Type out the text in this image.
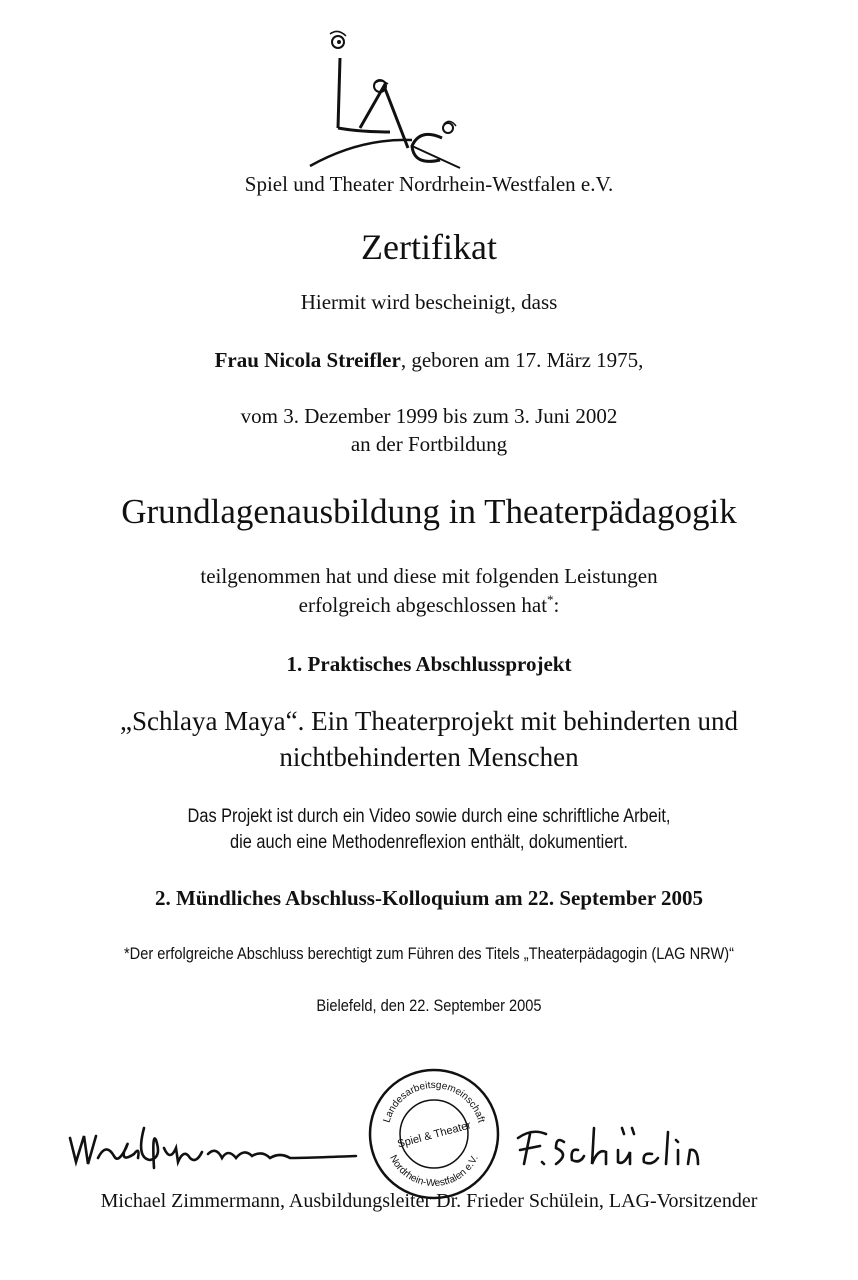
Spiel und Theater Nordrhein-Westfalen e.V.
Zertifikat
Hiermit wird bescheinigt, dass
Frau Nicola Streifler, geboren am 17. März 1975,
vom 3. Dezember 1999 bis zum 3. Juni 2002
an der Fortbildung
Grundlagenausbildung in Theaterpädagogik
teilgenommen hat und diese mit folgenden Leistungen
erfolgreich abgeschlossen hat*:
1. Praktisches Abschlussprojekt
„Schlaya Maya“. Ein Theaterprojekt mit behinderten und
nichtbehinderten Menschen
Das Projekt ist durch ein Video sowie durch eine schriftliche Arbeit,
die auch eine Methodenreflexion enthält, dokumentiert.
2. Mündliches Abschluss-Kolloquium am 22. September 2005
*Der erfolgreiche Abschluss berechtigt zum Führen des Titels „Theaterpädagogin (LAG NRW)“
Bielefeld, den 22. September 2005
Landesarbeitsgemeinschaft
Nordrhein-Westfalen e.V.
Spiel & Theater
Michael Zimmermann, Ausbildungsleiter Dr. Frieder Schülein, LAG-Vorsitzender
